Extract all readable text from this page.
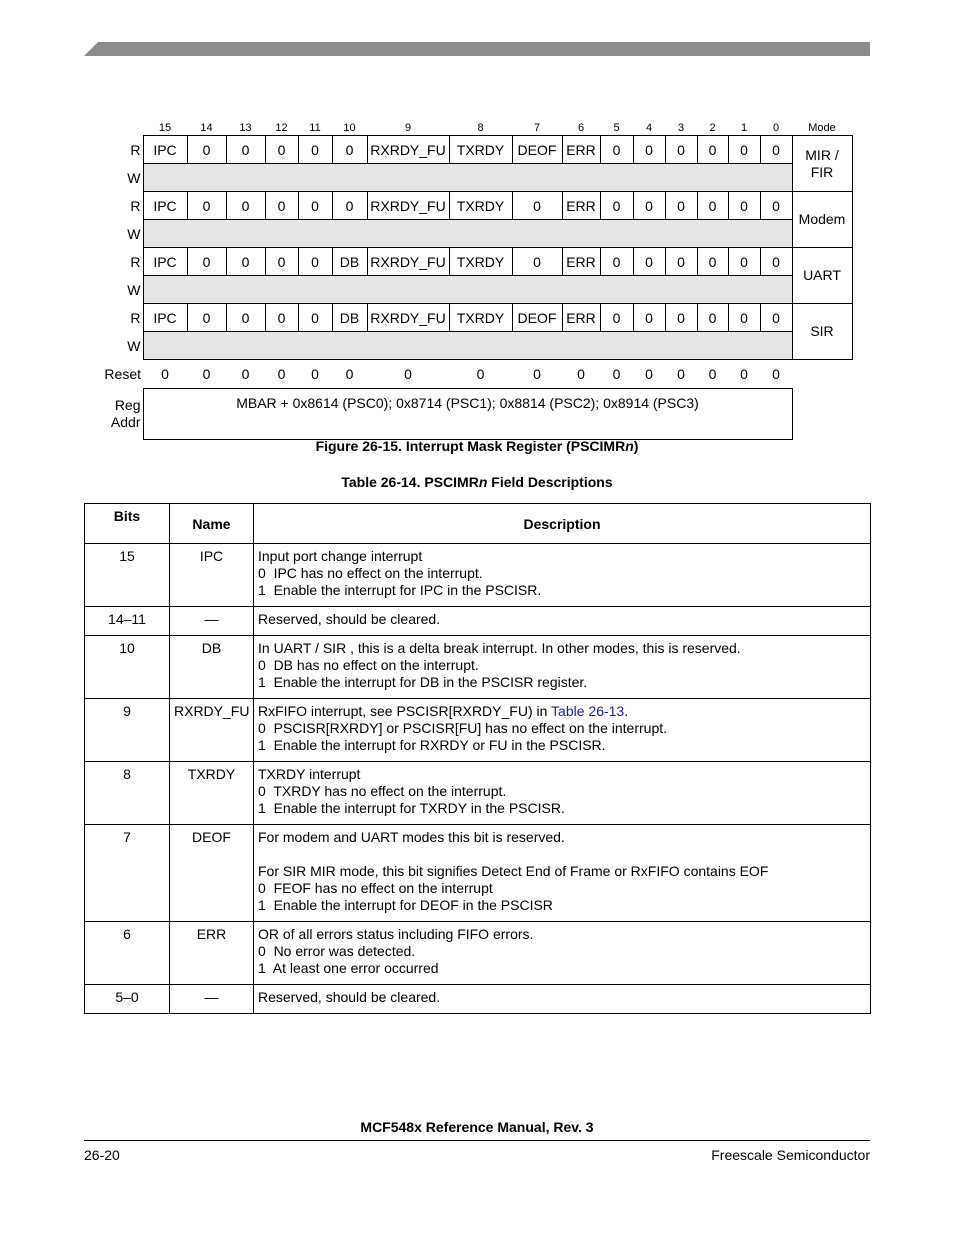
	15	14	13	12	11	10	9	8	7	6	5	4	3	2	1	0	Mode
R	IPC	0	0	0	0	0	RXRDY_FU	TXRDY	DEOF	ERR	0	0	0	0	0	0	MIR / FIR
W																	
R	IPC	0	0	0	0	0	RXRDY_FU	TXRDY	0	ERR	0	0	0	0	0	0	Modem
W																	
R	IPC	0	0	0	0	DB	RXRDY_FU	TXRDY	0	ERR	0	0	0	0	0	0	UART
W																	
R	IPC	0	0	0	0	DB	RXRDY_FU	TXRDY	DEOF	ERR	0	0	0	0	0	0	SIR
W																	
Reset	0	0	0	0	0	0	0	0	0	0	0	0	0	0	0	0	
Reg
Addr	MBAR + 0x8614 (PSC0); 0x8714 (PSC1); 0x8814 (PSC2); 0x8914 (PSC3)																
Figure 26-15. Interrupt Mask Register (PSCIMRn)
Table 26-14. PSCIMRn Field Descriptions
Bits	Name	Description
15	IPC	Input port change interrupt
0  IPC has no effect on the interrupt.
1  Enable the interrupt for IPC in the PSCISR.

14–11	—	Reserved, should be cleared.

10	DB	In UART / SIR , this is a delta break interrupt. In other modes, this is reserved.
0  DB has no effect on the interrupt.
1  Enable the interrupt for DB in the PSCISR register.

9	RXRDY_FU	RxFIFO interrupt, see PSCISR[RXRDY_FU) in Table 26-13.
0  PSCISR[RXRDY] or PSCISR[FU] has no effect on the interrupt.
1  Enable the interrupt for RXRDY or FU in the PSCISR.

8	TXRDY	TXRDY interrupt
0  TXRDY has no effect on the interrupt.
1  Enable the interrupt for TXRDY in the PSCISR.

7	DEOF	For modem and UART modes this bit is reserved.
For SIR MIR mode, this bit signifies Detect End of Frame or RxFIFO contains EOF
0  FEOF has no effect on the interrupt
1  Enable the interrupt for DEOF in the PSCISR

6	ERR	OR of all errors status including FIFO errors.
0  No error was detected.
1  At least one error occurred

5–0	—	Reserved, should be cleared.
MCF548x Reference Manual, Rev. 3
26-20	Freescale Semiconductor
